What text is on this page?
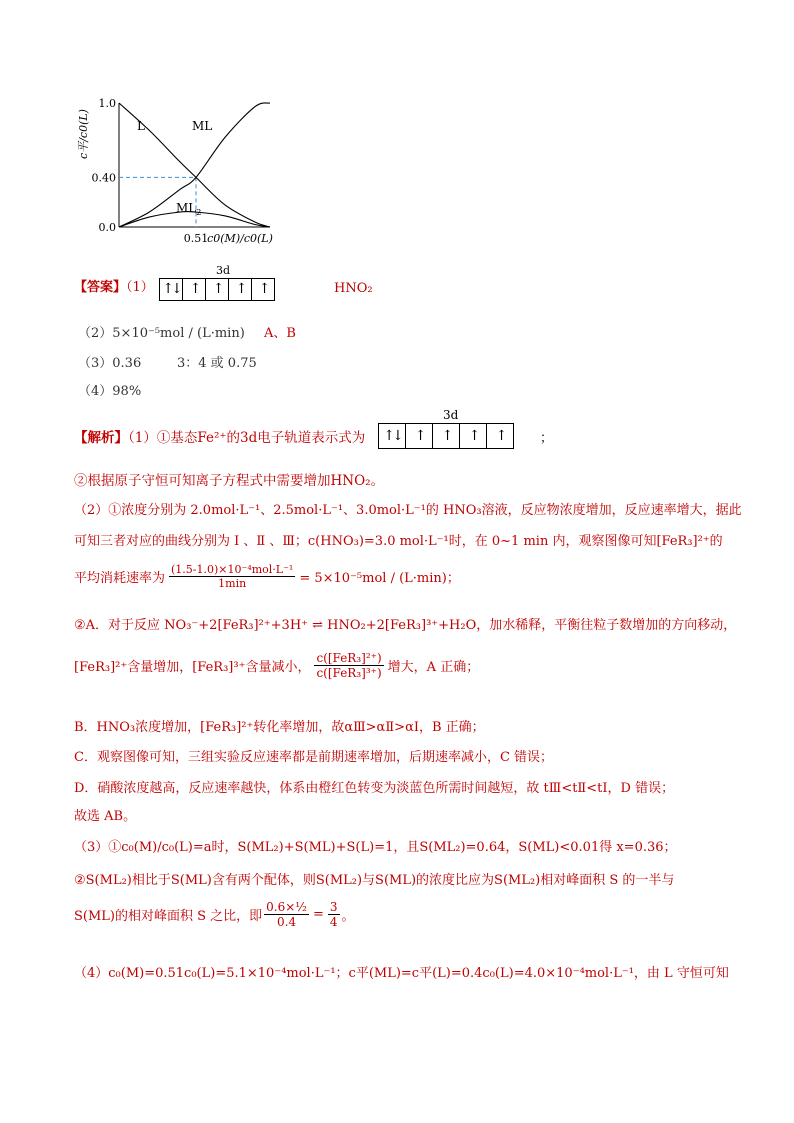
L	ML
$ML_2$
1.0
0.40
0.0
0.51
c0(M)/c0(L)
c平/c0(L)
【答案】（1）
3d
↑↓ ↑	↑	↑	↑	HNO₂
（2）5×10⁻⁵mol / (L·min) A、B
（3）0.36	3：4 或 0.75
（4）98%
【解析】（1）①基态Fe²⁺的3d电子轨道表示式为
3d
↑↓ ↑	↑	↑	↑	；
②根据原子守恒可知离子方程式中需要增加HNO₂。
（2）①浓度分别为 2.0mol·L⁻¹、2.5mol·L⁻¹、3.0mol·L⁻¹的 HNO₃溶液，反应物浓度增加，反应速率增大，据此
可知三者对应的曲线分别为 Ⅰ 、Ⅱ 、Ⅲ；c(HNO₃)=3.0 mol·L⁻¹时，在 0~1 min 内，观察图像可知[FeR₃]²⁺的
平均消耗速率为 $\frac{\text{(1.5-1.0)×10⁻⁴mol·L⁻¹}}{1\min} = 5\times 10^{-5}mol / (L\cdot\min)$；
②A．对于反应 NO₃⁻+2[FeR₃]²⁺+3H⁺ ⇌ HNO₂+2[FeR₃]³⁺+H₂O，加水稀释，平衡往粒子数增加的方向移动，
[FeR₃]²⁺含量增加，[FeR₃]³⁺含量减小， $\frac{\text{c([FeR₃]²⁺)}}{\text{c([FeR₃]³⁺)}}$ 增大，A 正确；
B．HNO₃浓度增加，[FeR₃]²⁺转化率增加，故αⅢ>αⅡ>αⅠ，B 正确；
C．观察图像可知，三组实验反应速率都是前期速率增加，后期速率减小，C 错误；
D．硝酸浓度越高，反应速率越快，体系由橙红色转变为淡蓝色所需时间越短，故 tⅢ<tⅡ<tⅠ，D 错误；
故选 AB。
（3）①c₀(M)/c₀(L)=a时，S(ML₂)+S(ML)+S(L)=1，且S(ML₂)=0.64，S(ML)<0.01得 x=0.36；
②S(ML₂)相比于S(ML)含有两个配体，则S(ML₂)与S(ML)的浓度比应为S(ML₂)相对峰面积 S 的一半与
S(ML)的相对峰面积 S 之比，即 $\frac{\text{0.6×½}}{0.4} = \frac{3}{4}$ 。
（4）c₀(M)=0.51c₀(L)=5.1×10⁻⁴mol·L⁻¹；c平(ML)=c平(L)=0.4c₀(L)=4.0×10⁻⁴mol·L⁻¹，由 L 守恒可知
